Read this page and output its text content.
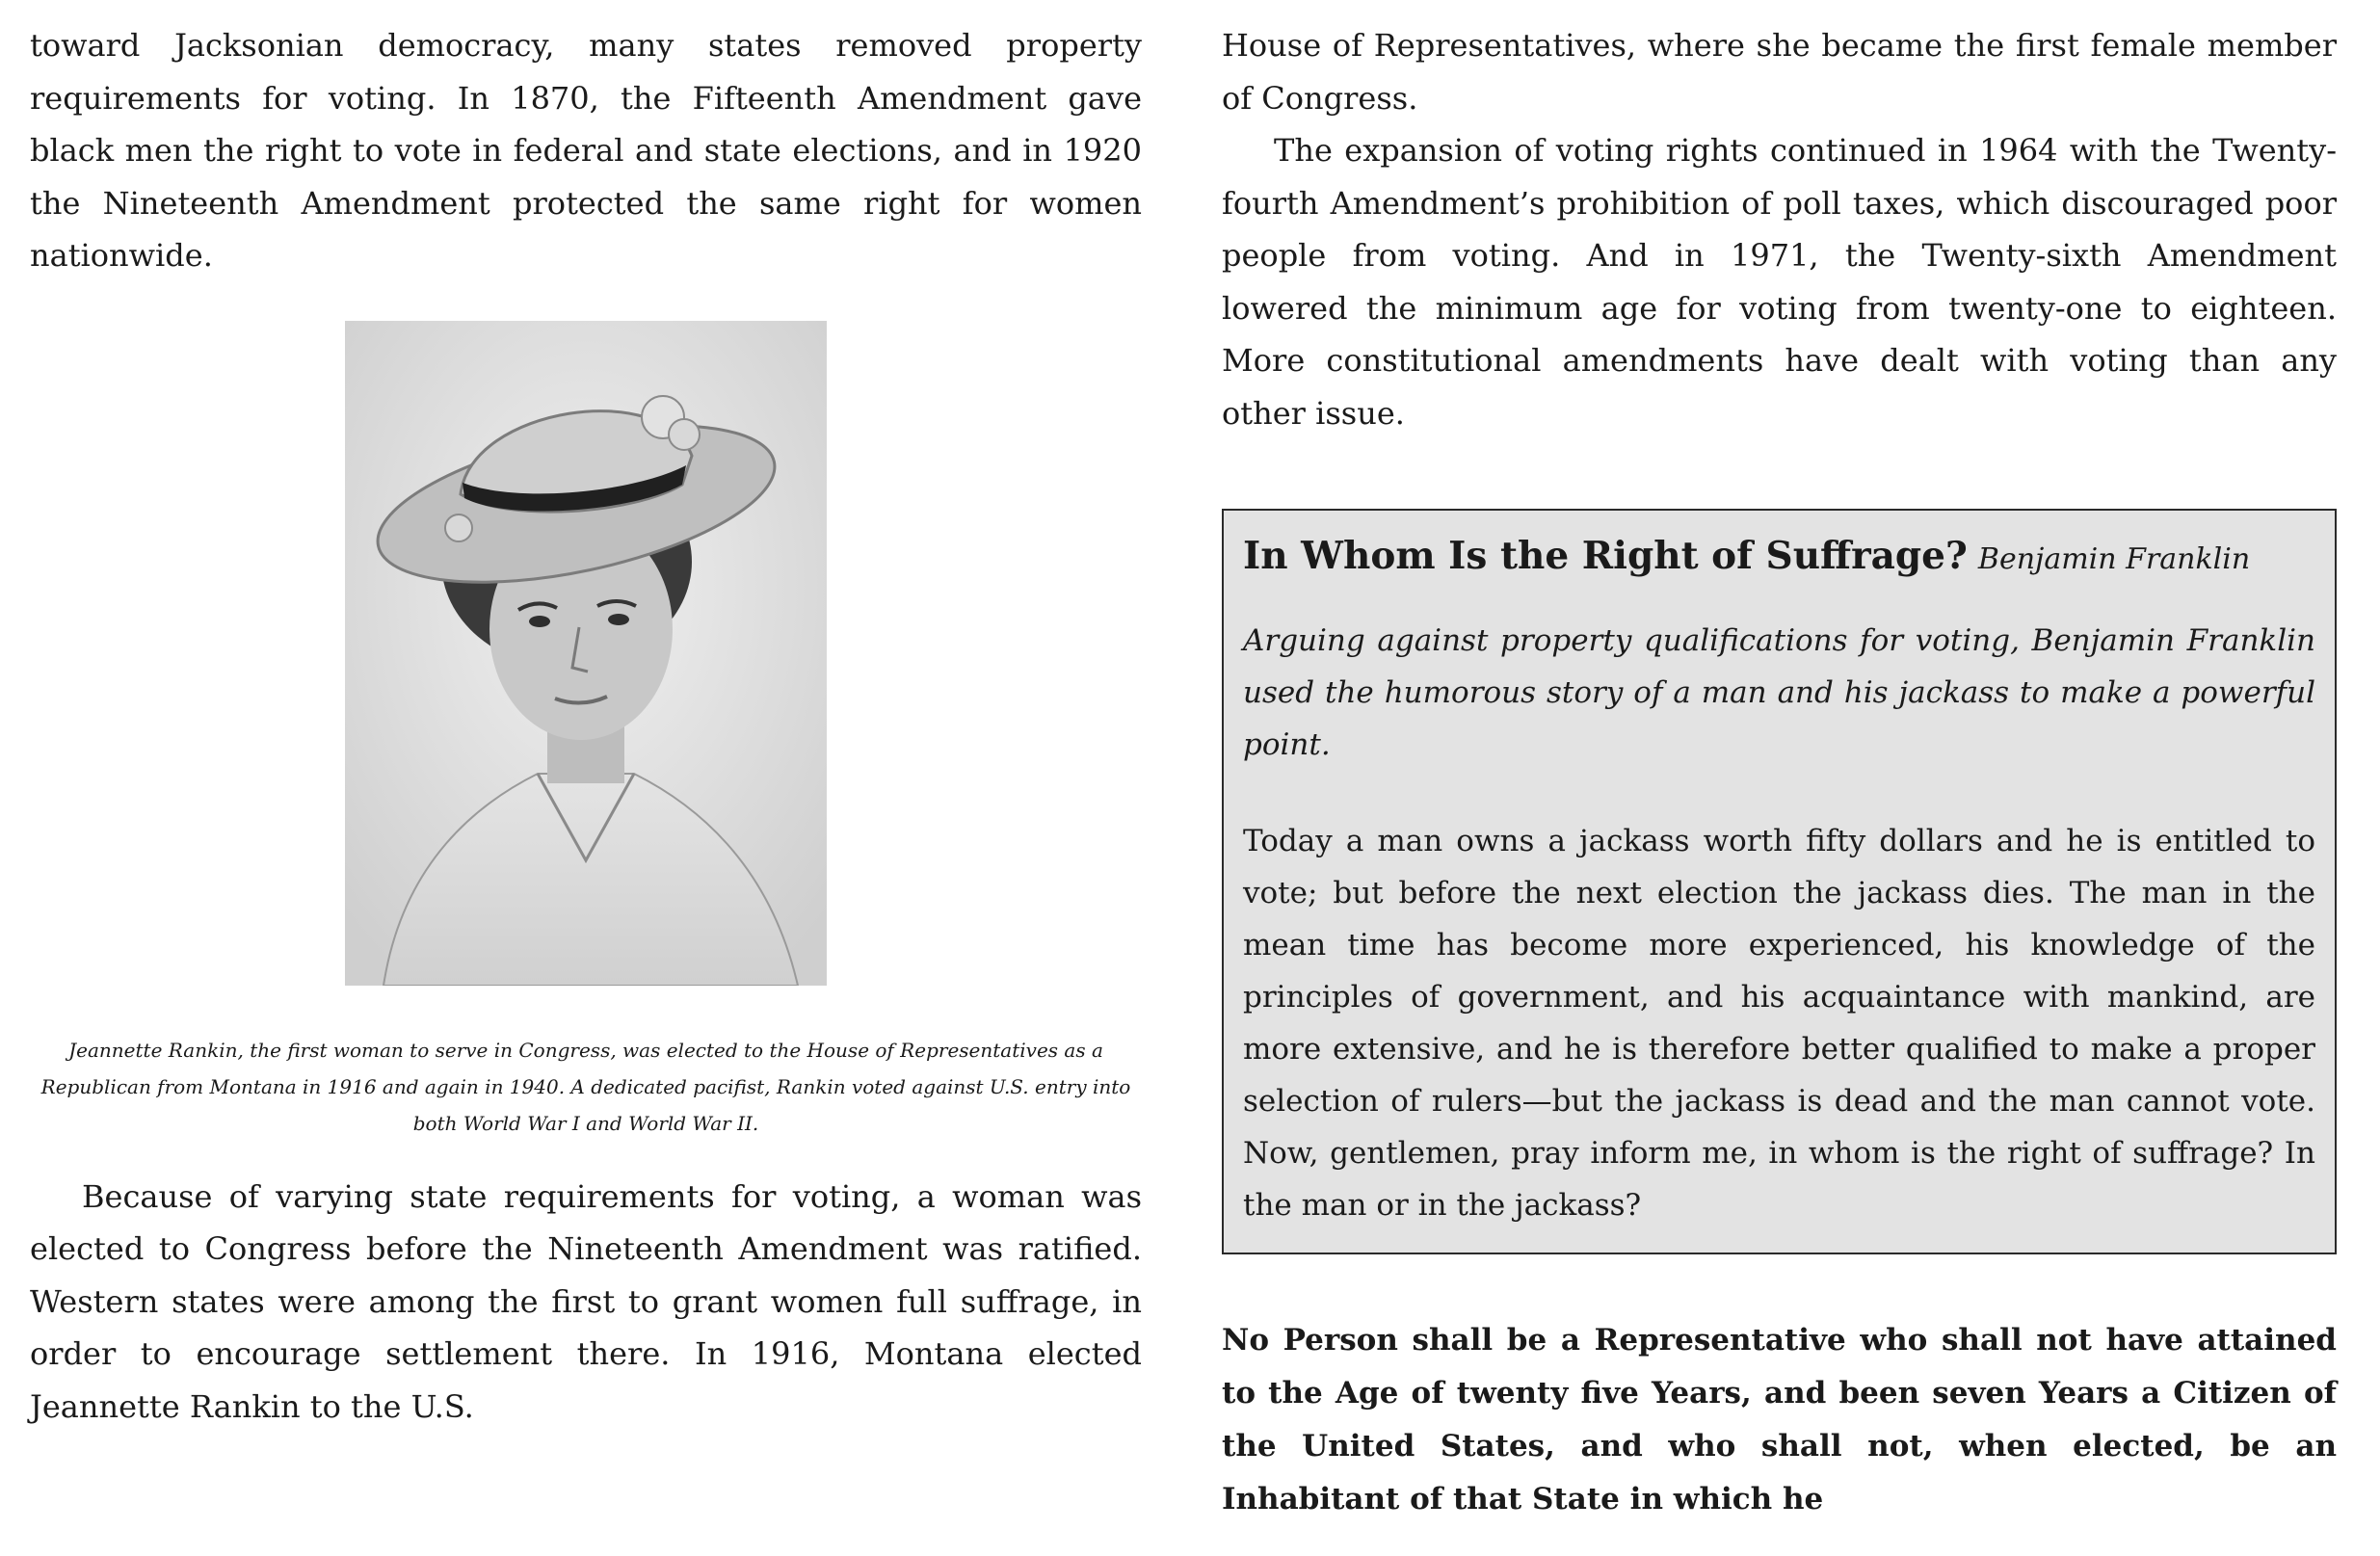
toward Jacksonian democracy, many states removed property requirements for voting. In 1870, the Fifteenth Amendment gave black men the right to vote in federal and state elections, and in 1920 the Nineteenth Amendment protected the same right for women nationwide.

Jeannette Rankin, the first woman to serve in Congress, was elected to the House of Representatives as a Republican from Montana in 1916 and again in 1940. A dedicated pacifist, Rankin voted against U.S. entry into both World War I and World War II.

Because of varying state requirements for voting, a woman was elected to Congress before the Nineteenth Amendment was ratified. Western states were among the first to grant women full suffrage, in order to encourage settlement there. In 1916, Montana elected Jeannette Rankin to the U.S.

House of Representatives, where she became the first female member of Congress.

The expansion of voting rights continued in 1964 with the Twenty-fourth Amendment’s prohibition of poll taxes, which discouraged poor people from voting. And in 1971, the Twenty-sixth Amendment lowered the minimum age for voting from twenty-one to eighteen. More constitutional amendments have dealt with voting than any other issue.

In Whom Is the Right of Suffrage? Benjamin Franklin

Arguing against property qualifications for voting, Benjamin Franklin used the humorous story of a man and his jackass to make a powerful point.

Today a man owns a jackass worth fifty dollars and he is entitled to vote; but before the next election the jackass dies. The man in the mean time has become more experienced, his knowledge of the principles of government, and his acquaintance with mankind, are more extensive, and he is therefore better qualified to make a proper selection of rulers—but the jackass is dead and the man cannot vote. Now, gentlemen, pray inform me, in whom is the right of suffrage? In the man or in the jackass?

No Person shall be a Representative who shall not have attained to the Age of twenty five Years, and been seven Years a Citizen of the United States, and who shall not, when elected, be an Inhabitant of that State in which he
